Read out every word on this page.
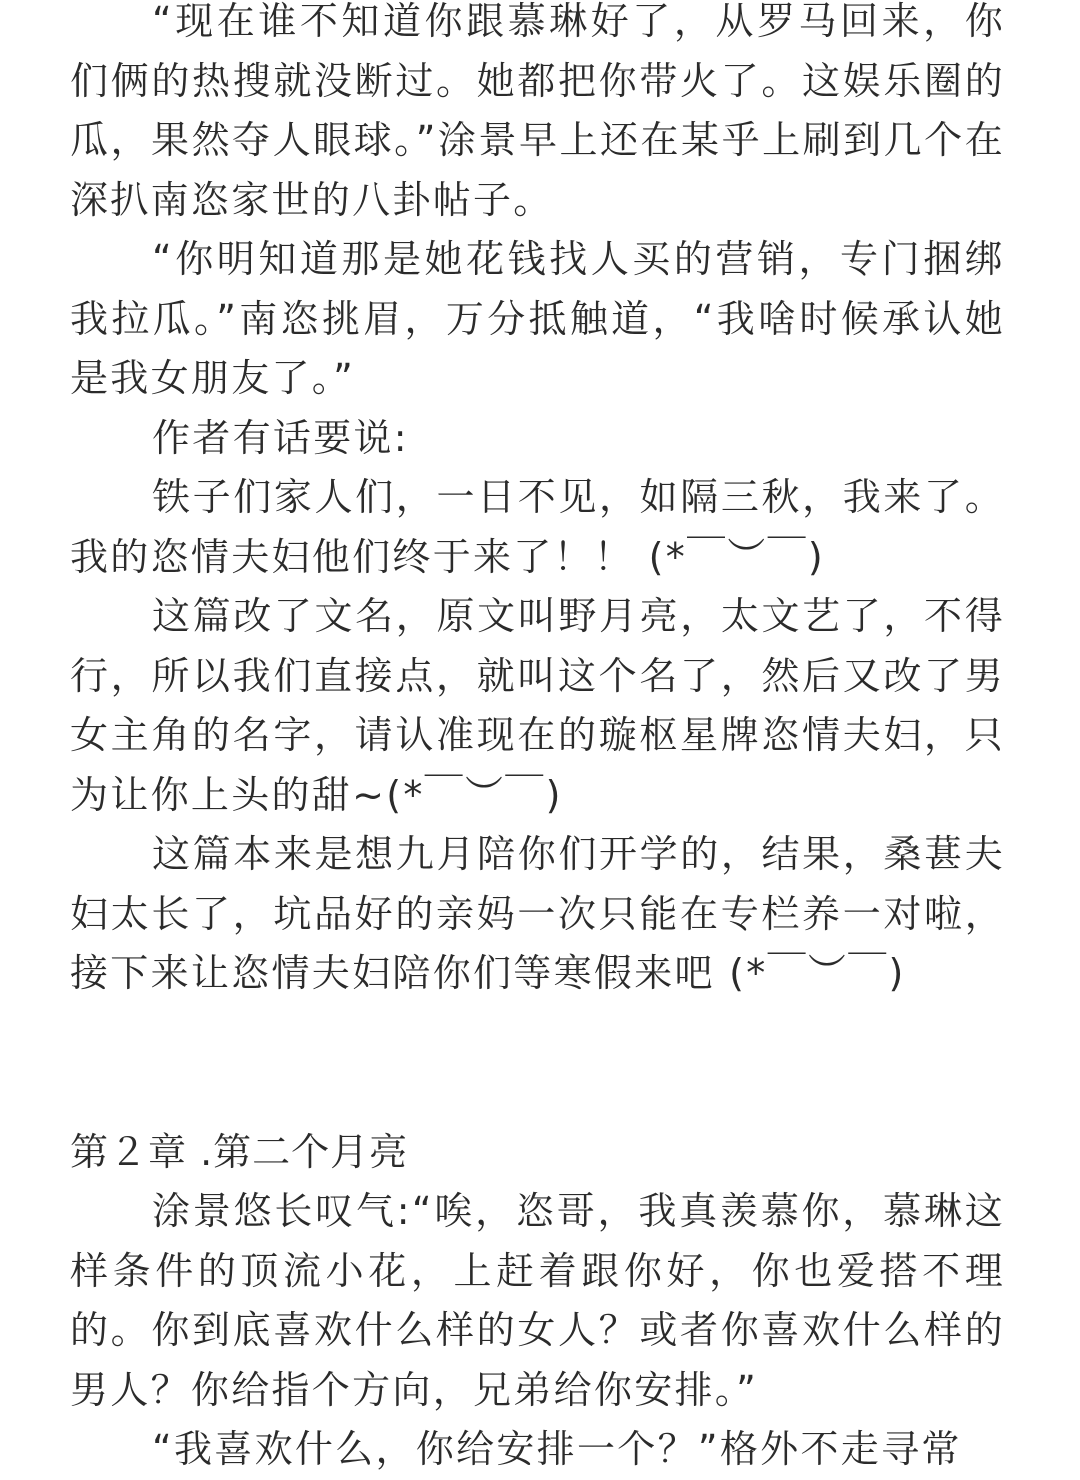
“现在谁不知道你跟慕琳好了，从罗马回来，你们俩的热搜就没断过。她都把你带火了。这娱乐圈的瓜，果然夺人眼球。”涂景早上还在某乎上刷到几个在深扒南恣家世的八卦帖子。

“你明知道那是她花钱找人买的营销，专门捆绑我拉瓜。”南恣挑眉，万分抵触道，“我啥时候承认她是我女朋友了。”

作者有话要说:

铁子们家人们，一日不见，如隔三秋，我来了。我的恣情夫妇他们终于来了！！ (*￣︶￣)

这篇改了文名，原文叫野月亮，太文艺了，不得行，所以我们直接点，就叫这个名了，然后又改了男女主角的名字，请认准现在的璇枢星牌恣情夫妇，只为让你上头的甜~(*￣︶￣)

这篇本来是想九月陪你们开学的，结果，桑葚夫妇太长了，坑品好的亲妈一次只能在专栏养一对啦，接下来让恣情夫妇陪你们等寒假来吧 (*￣︶￣)

第２章 .第二个月亮

涂景悠长叹气:“唉，恣哥，我真羡慕你，慕琳这样条件的顶流小花，上赶着跟你好，你也爱搭不理的。你到底喜欢什么样的女人？或者你喜欢什么样的男人？你给指个方向，兄弟给你安排。”

“我喜欢什么，你给安排一个？”格外不走寻常
